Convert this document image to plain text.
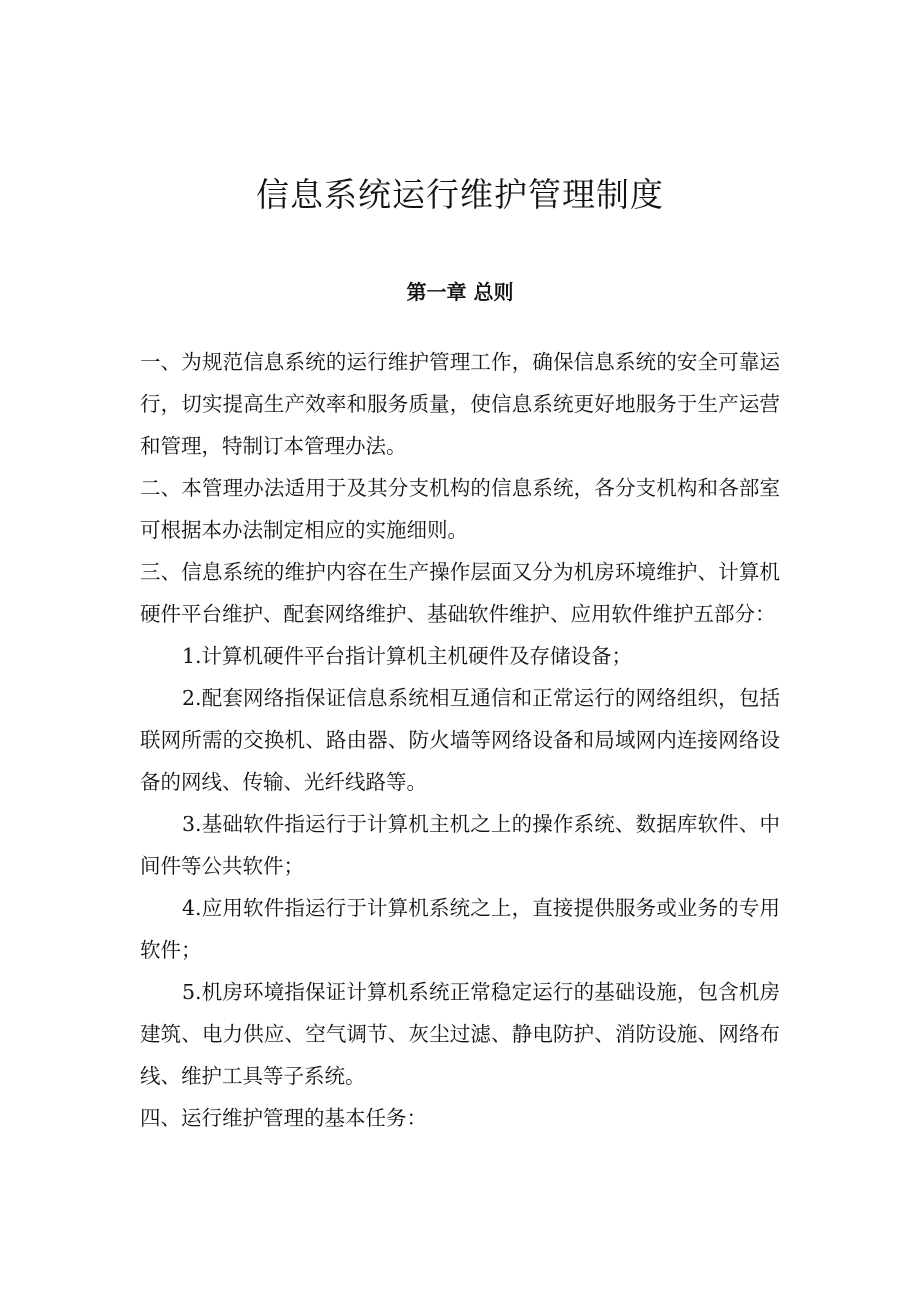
信息系统运行维护管理制度
第一章 总则

一、为规范信息系统的运行维护管理工作，确保信息系统的安全可靠运行，切实提高生产效率和服务质量，使信息系统更好地服务于生产运营和管理，特制订本管理办法。

二、本管理办法适用于及其分支机构的信息系统，各分支机构和各部室可根据本办法制定相应的实施细则。

三、信息系统的维护内容在生产操作层面又分为机房环境维护、计算机硬件平台维护、配套网络维护、基础软件维护、应用软件维护五部分：

1.计算机硬件平台指计算机主机硬件及存储设备；

2.配套网络指保证信息系统相互通信和正常运行的网络组织，包括联网所需的交换机、路由器、防火墙等网络设备和局域网内连接网络设备的网线、传输、光纤线路等。

3.基础软件指运行于计算机主机之上的操作系统、数据库软件、中间件等公共软件；

4.应用软件指运行于计算机系统之上，直接提供服务或业务的专用软件；

5.机房环境指保证计算机系统正常稳定运行的基础设施，包含机房建筑、电力供应、空气调节、灰尘过滤、静电防护、消防设施、网络布线、维护工具等子系统。

四、运行维护管理的基本任务：
